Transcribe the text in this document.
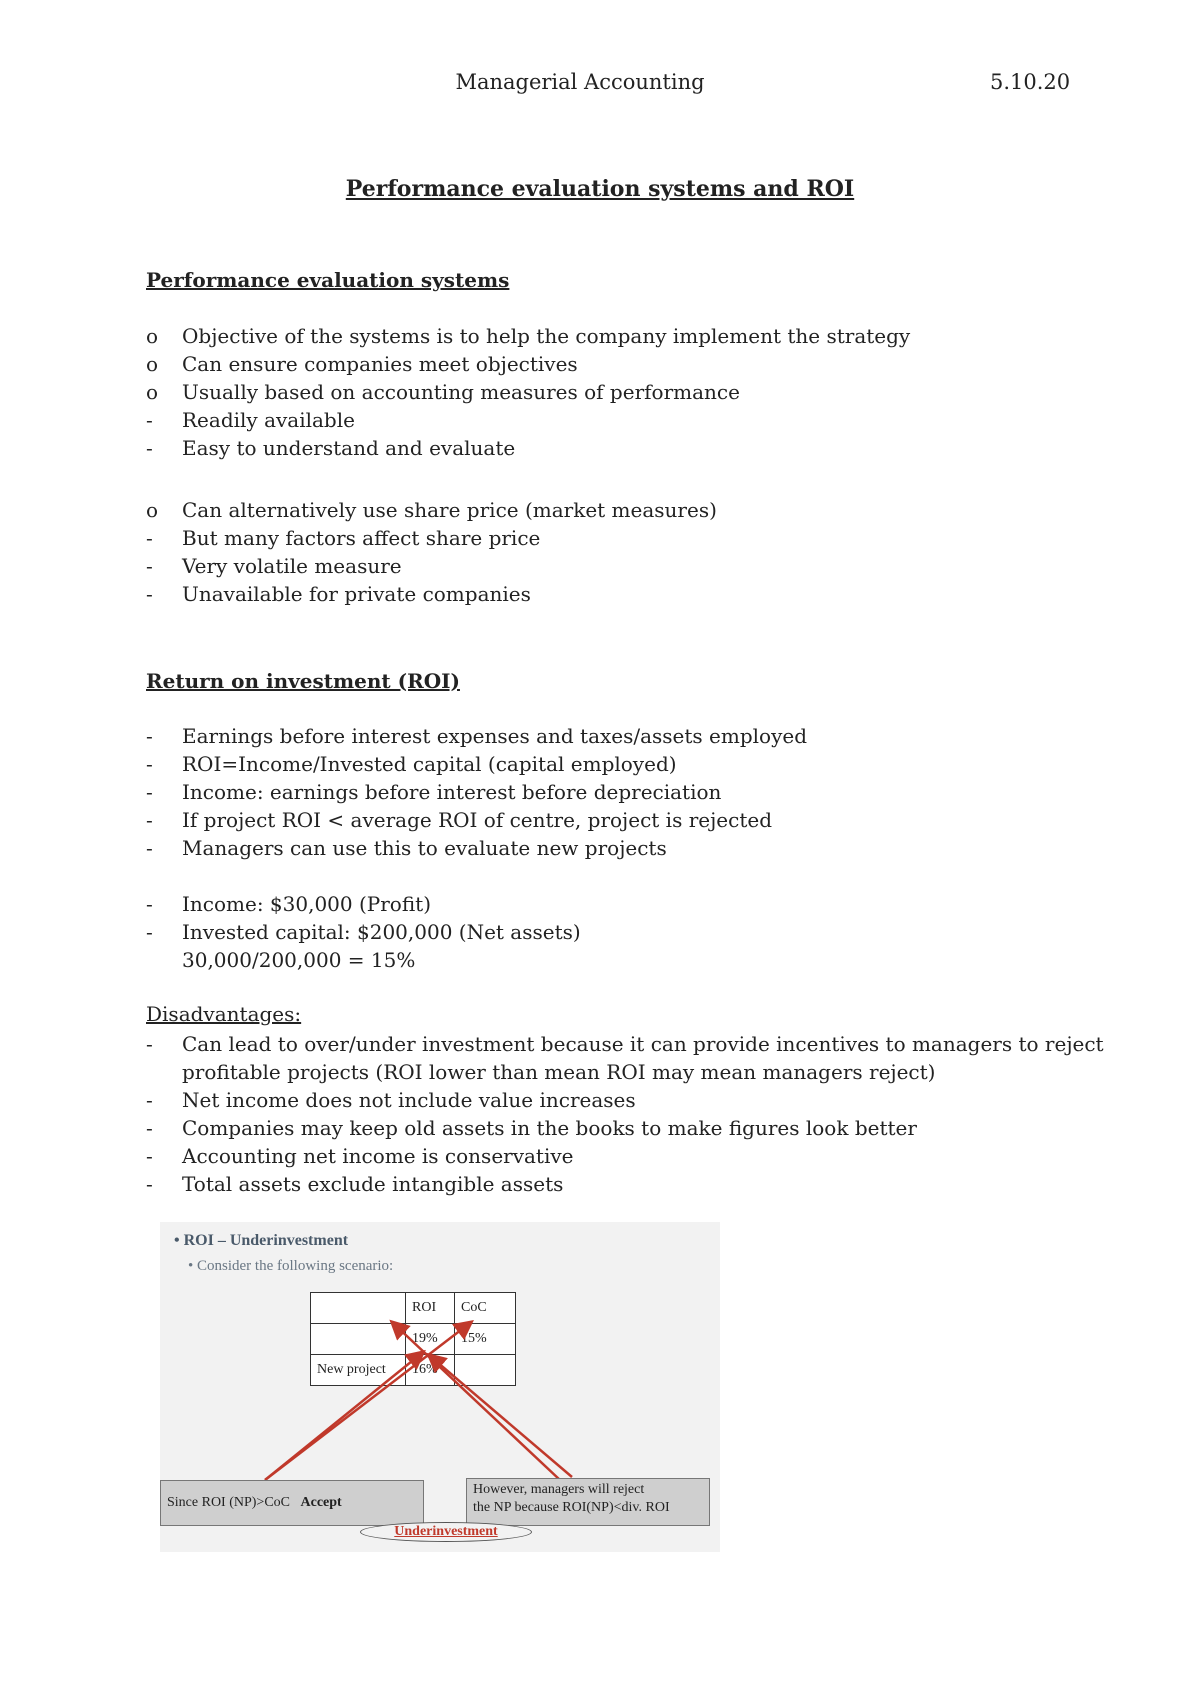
Managerial Accounting	5.10.20
Performance evaluation systems and ROI
Performance evaluation systems
o Objective of the systems is to help the company implement the strategy
o Can ensure companies meet objectives
o Usually based on accounting measures of performance
- Readily available
- Easy to understand and evaluate
o Can alternatively use share price (market measures)
- But many factors affect share price
- Very volatile measure
- Unavailable for private companies
Return on investment (ROI)
- Earnings before interest expenses and taxes/assets employed
- ROI=Income/Invested capital (capital employed)
- Income: earnings before interest before depreciation
- If project ROI < average ROI of centre, project is rejected
- Managers can use this to evaluate new projects
- Income: $30,000 (Profit)
- Invested capital: $200,000 (Net assets)
30,000/200,000 = 15%
Disadvantages:
- Can lead to over/under investment because it can provide incentives to managers to reject
profitable projects (ROI lower than mean ROI may mean managers reject)
- Net income does not include value increases
- Companies may keep old assets in the books to make figures look better
- Accounting net income is conservative
- Total assets exclude intangible assets
• ROI – Underinvestment
• Consider the following scenario:
	ROI	CoC
	19%	15%
New project	16%	
Since ROI (NP)>CoC Accept
However, managers will reject
the NP because ROI(NP)<div. ROI
Underinvestment
